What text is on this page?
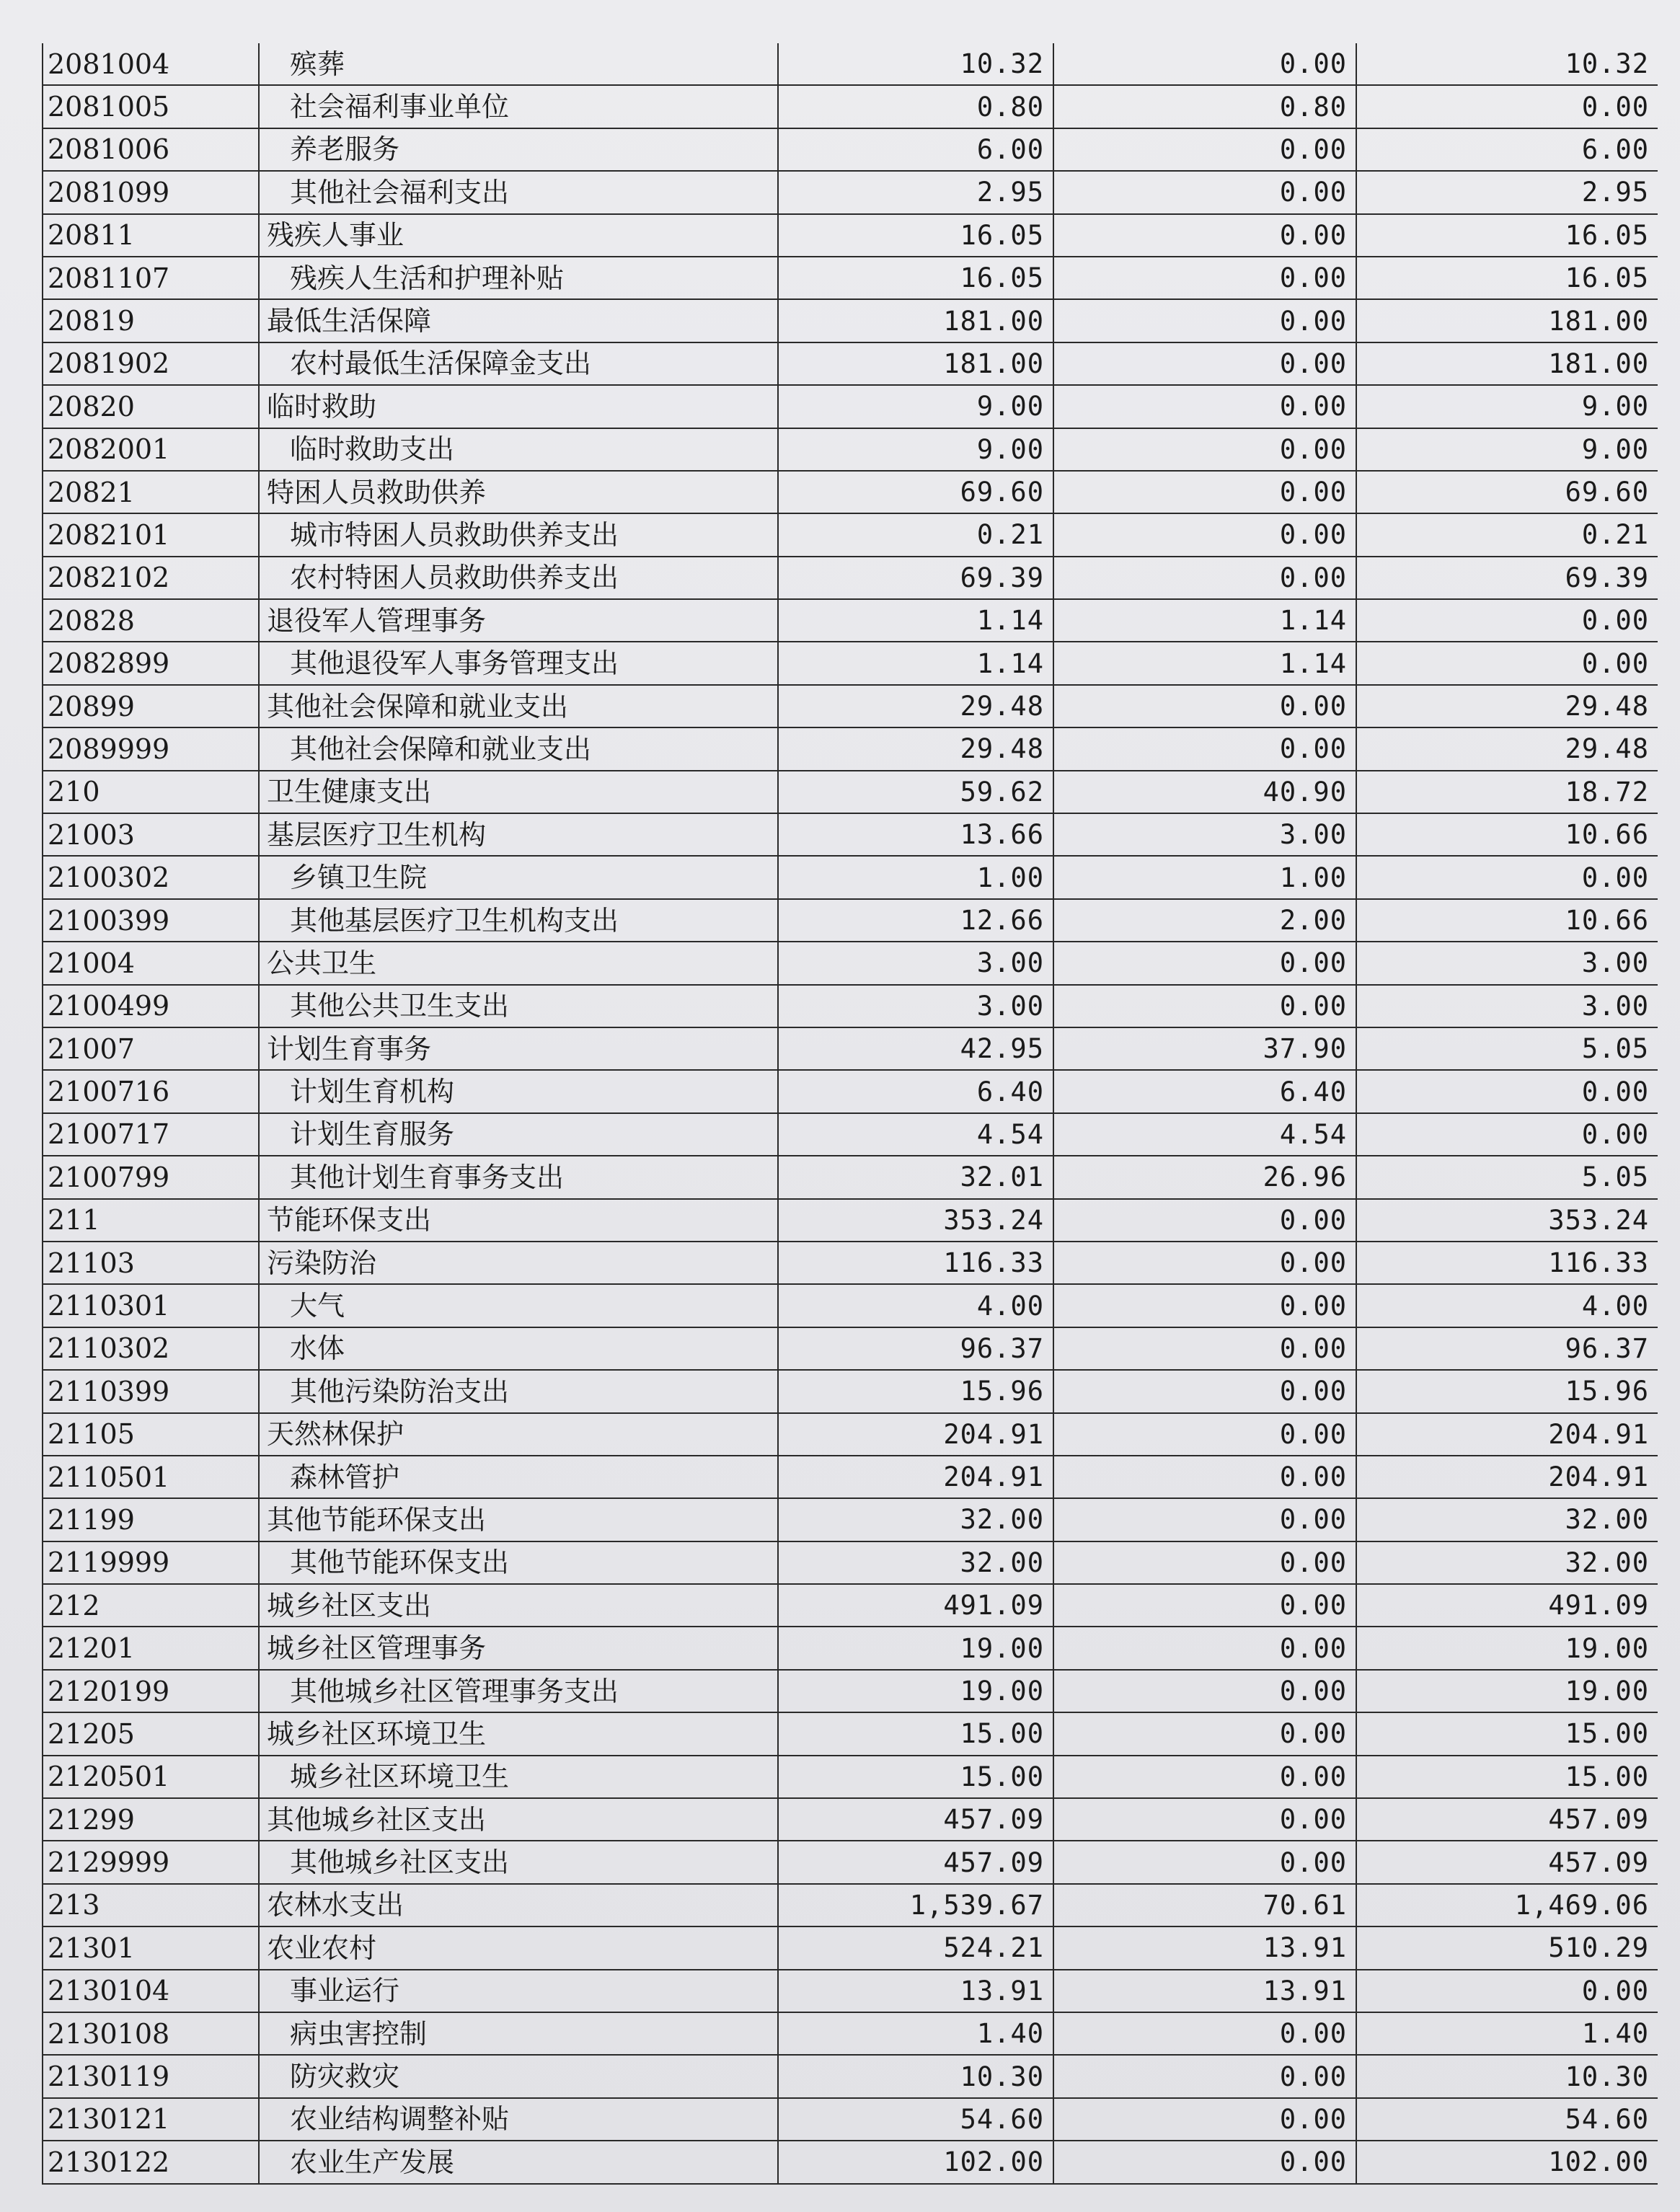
2081004	殡葬	10.32	0.00	10.32
2081005	社会福利事业单位	0.80	0.80	0.00
2081006	养老服务	6.00	0.00	6.00
2081099	其他社会福利支出	2.95	0.00	2.95
20811	残疾人事业	16.05	0.00	16.05
2081107	残疾人生活和护理补贴	16.05	0.00	16.05
20819	最低生活保障	181.00	0.00	181.00
2081902	农村最低生活保障金支出	181.00	0.00	181.00
20820	临时救助	9.00	0.00	9.00
2082001	临时救助支出	9.00	0.00	9.00
20821	特困人员救助供养	69.60	0.00	69.60
2082101	城市特困人员救助供养支出	0.21	0.00	0.21
2082102	农村特困人员救助供养支出	69.39	0.00	69.39
20828	退役军人管理事务	1.14	1.14	0.00
2082899	其他退役军人事务管理支出	1.14	1.14	0.00
20899	其他社会保障和就业支出	29.48	0.00	29.48
2089999	其他社会保障和就业支出	29.48	0.00	29.48
210	卫生健康支出	59.62	40.90	18.72
21003	基层医疗卫生机构	13.66	3.00	10.66
2100302	乡镇卫生院	1.00	1.00	0.00
2100399	其他基层医疗卫生机构支出	12.66	2.00	10.66
21004	公共卫生	3.00	0.00	3.00
2100499	其他公共卫生支出	3.00	0.00	3.00
21007	计划生育事务	42.95	37.90	5.05
2100716	计划生育机构	6.40	6.40	0.00
2100717	计划生育服务	4.54	4.54	0.00
2100799	其他计划生育事务支出	32.01	26.96	5.05
211	节能环保支出	353.24	0.00	353.24
21103	污染防治	116.33	0.00	116.33
2110301	大气	4.00	0.00	4.00
2110302	水体	96.37	0.00	96.37
2110399	其他污染防治支出	15.96	0.00	15.96
21105	天然林保护	204.91	0.00	204.91
2110501	森林管护	204.91	0.00	204.91
21199	其他节能环保支出	32.00	0.00	32.00
2119999	其他节能环保支出	32.00	0.00	32.00
212	城乡社区支出	491.09	0.00	491.09
21201	城乡社区管理事务	19.00	0.00	19.00
2120199	其他城乡社区管理事务支出	19.00	0.00	19.00
21205	城乡社区环境卫生	15.00	0.00	15.00
2120501	城乡社区环境卫生	15.00	0.00	15.00
21299	其他城乡社区支出	457.09	0.00	457.09
2129999	其他城乡社区支出	457.09	0.00	457.09
213	农林水支出	1,539.67	70.61	1,469.06
21301	农业农村	524.21	13.91	510.29
2130104	事业运行	13.91	13.91	0.00
2130108	病虫害控制	1.40	0.00	1.40
2130119	防灾救灾	10.30	0.00	10.30
2130121	农业结构调整补贴	54.60	0.00	54.60
2130122	农业生产发展	102.00	0.00	102.00
